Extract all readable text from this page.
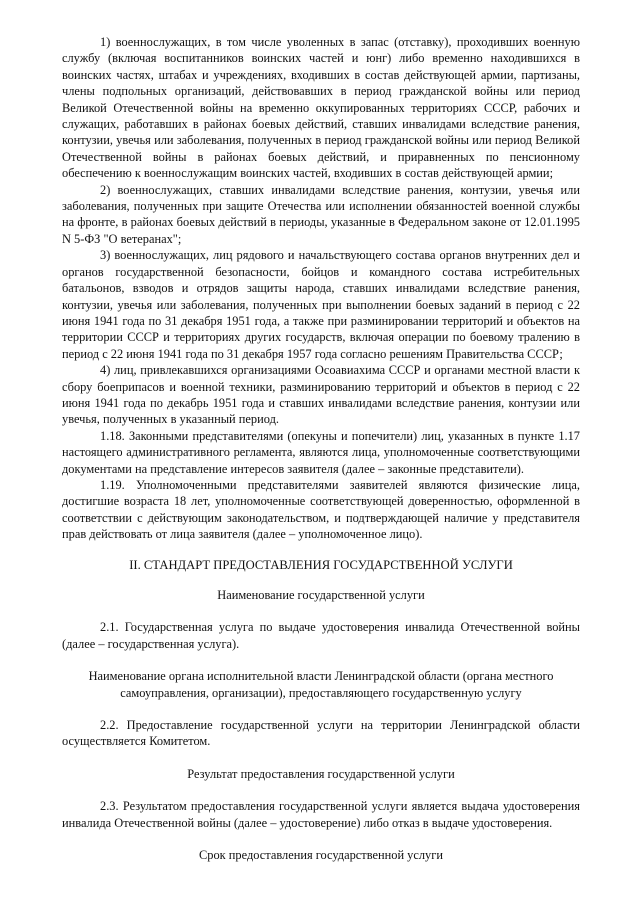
1) военнослужащих, в том числе уволенных в запас (отставку), проходивших военную службу (включая воспитанников воинских частей и юнг) либо временно находившихся в воинских частях, штабах и учреждениях, входивших в состав действующей армии, партизаны, члены подпольных организаций, действовавших в период гражданской войны или период Великой Отечественной войны на временно оккупированных территориях СССР, рабочих и служащих, работавших в районах боевых действий, ставших инвалидами вследствие ранения, контузии, увечья или заболевания, полученных в период гражданской войны или период Великой Отечественной войны в районах боевых действий, и приравненных по пенсионному обеспечению к военнослужащим воинских частей, входивших в состав действующей армии;

2) военнослужащих, ставших инвалидами вследствие ранения, контузии, увечья или заболевания, полученных при защите Отечества или исполнении обязанностей военной службы на фронте, в районах боевых действий в периоды, указанные в Федеральном законе от 12.01.1995 N 5-ФЗ "О ветеранах";

3) военнослужащих, лиц рядового и начальствующего состава органов внутренних дел и органов государственной безопасности, бойцов и командного состава истребительных батальонов, взводов и отрядов защиты народа, ставших инвалидами вследствие ранения, контузии, увечья или заболевания, полученных при выполнении боевых заданий в период с 22 июня 1941 года по 31 декабря 1951 года, а также при разминировании территорий и объектов на территории СССР и территориях других государств, включая операции по боевому тралению в период с 22 июня 1941 года по 31 декабря 1957 года согласно решениям Правительства СССР;

4) лиц, привлекавшихся организациями Осоавиахима СССР и органами местной власти к сбору боеприпасов и военной техники, разминированию территорий и объектов в период с 22 июня 1941 года по декабрь 1951 года и ставших инвалидами вследствие ранения, контузии или увечья, полученных в указанный период.

1.18. Законными представителями (опекуны и попечители) лиц, указанных в пункте 1.17 настоящего административного регламента, являются лица, уполномоченные соответствующими документами на представление интересов заявителя (далее – законные представители).

1.19. Уполномоченными представителями заявителей являются физические лица, достигшие возраста 18 лет, уполномоченные соответствующей доверенностью, оформленной в соответствии с действующим законодательством, и подтверждающей наличие у представителя прав действовать от лица заявителя (далее – уполномоченное лицо).

II. СТАНДАРТ ПРЕДОСТАВЛЕНИЯ ГОСУДАРСТВЕННОЙ УСЛУГИ

Наименование государственной услуги

2.1. Государственная услуга по выдаче удостоверения инвалида Отечественной войны (далее – государственная услуга).

Наименование органа исполнительной власти Ленинградской области (органа местного самоуправления, организации), предоставляющего государственную услугу

2.2. Предоставление государственной услуги на территории Ленинградской области осуществляется Комитетом.

Результат предоставления государственной услуги

2.3. Результатом предоставления государственной услуги является выдача удостоверения инвалида Отечественной войны (далее – удостоверение) либо отказ в выдаче удостоверения.

Срок предоставления государственной услуги
